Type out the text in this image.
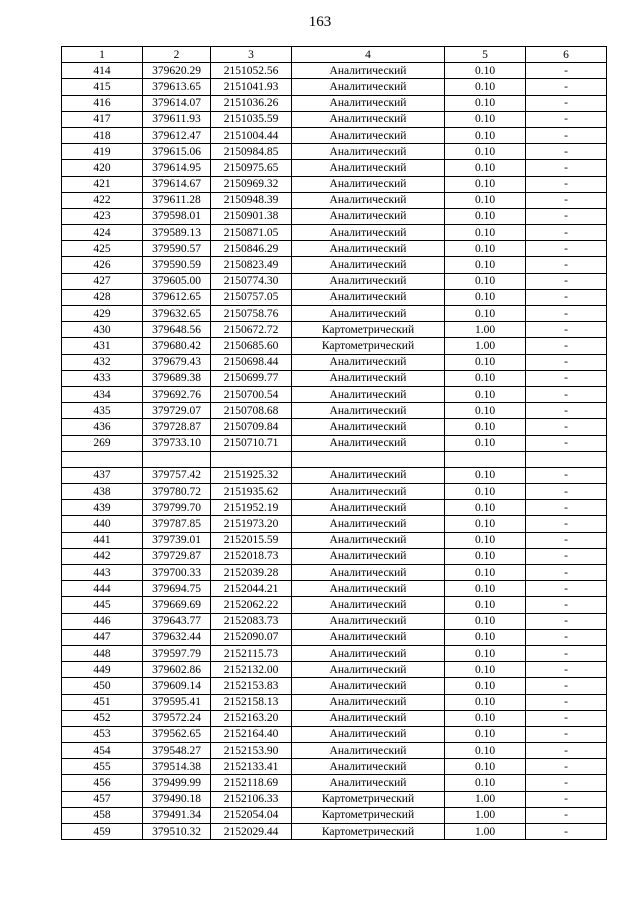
163
1	2	3	4	5	6
414	379620.29	2151052.56	Аналитический	0.10	-
415	379613.65	2151041.93	Аналитический	0.10	-
416	379614.07	2151036.26	Аналитический	0.10	-
417	379611.93	2151035.59	Аналитический	0.10	-
418	379612.47	2151004.44	Аналитический	0.10	-
419	379615.06	2150984.85	Аналитический	0.10	-
420	379614.95	2150975.65	Аналитический	0.10	-
421	379614.67	2150969.32	Аналитический	0.10	-
422	379611.28	2150948.39	Аналитический	0.10	-
423	379598.01	2150901.38	Аналитический	0.10	-
424	379589.13	2150871.05	Аналитический	0.10	-
425	379590.57	2150846.29	Аналитический	0.10	-
426	379590.59	2150823.49	Аналитический	0.10	-
427	379605.00	2150774.30	Аналитический	0.10	-
428	379612.65	2150757.05	Аналитический	0.10	-
429	379632.65	2150758.76	Аналитический	0.10	-
430	379648.56	2150672.72	Картометрический	1.00	-
431	379680.42	2150685.60	Картометрический	1.00	-
432	379679.43	2150698.44	Аналитический	0.10	-
433	379689.38	2150699.77	Аналитический	0.10	-
434	379692.76	2150700.54	Аналитический	0.10	-
435	379729.07	2150708.68	Аналитический	0.10	-
436	379728.87	2150709.84	Аналитический	0.10	-
269	379733.10	2150710.71	Аналитический	0.10	-

437	379757.42	2151925.32	Аналитический	0.10	-
438	379780.72	2151935.62	Аналитический	0.10	-
439	379799.70	2151952.19	Аналитический	0.10	-
440	379787.85	2151973.20	Аналитический	0.10	-
441	379739.01	2152015.59	Аналитический	0.10	-
442	379729.87	2152018.73	Аналитический	0.10	-
443	379700.33	2152039.28	Аналитический	0.10	-
444	379694.75	2152044.21	Аналитический	0.10	-
445	379669.69	2152062.22	Аналитический	0.10	-
446	379643.77	2152083.73	Аналитический	0.10	-
447	379632.44	2152090.07	Аналитический	0.10	-
448	379597.79	2152115.73	Аналитический	0.10	-
449	379602.86	2152132.00	Аналитический	0.10	-
450	379609.14	2152153.83	Аналитический	0.10	-
451	379595.41	2152158.13	Аналитический	0.10	-
452	379572.24	2152163.20	Аналитический	0.10	-
453	379562.65	2152164.40	Аналитический	0.10	-
454	379548.27	2152153.90	Аналитический	0.10	-
455	379514.38	2152133.41	Аналитический	0.10	-
456	379499.99	2152118.69	Аналитический	0.10	-
457	379490.18	2152106.33	Картометрический	1.00	-
458	379491.34	2152054.04	Картометрический	1.00	-
459	379510.32	2152029.44	Картометрический	1.00	-
